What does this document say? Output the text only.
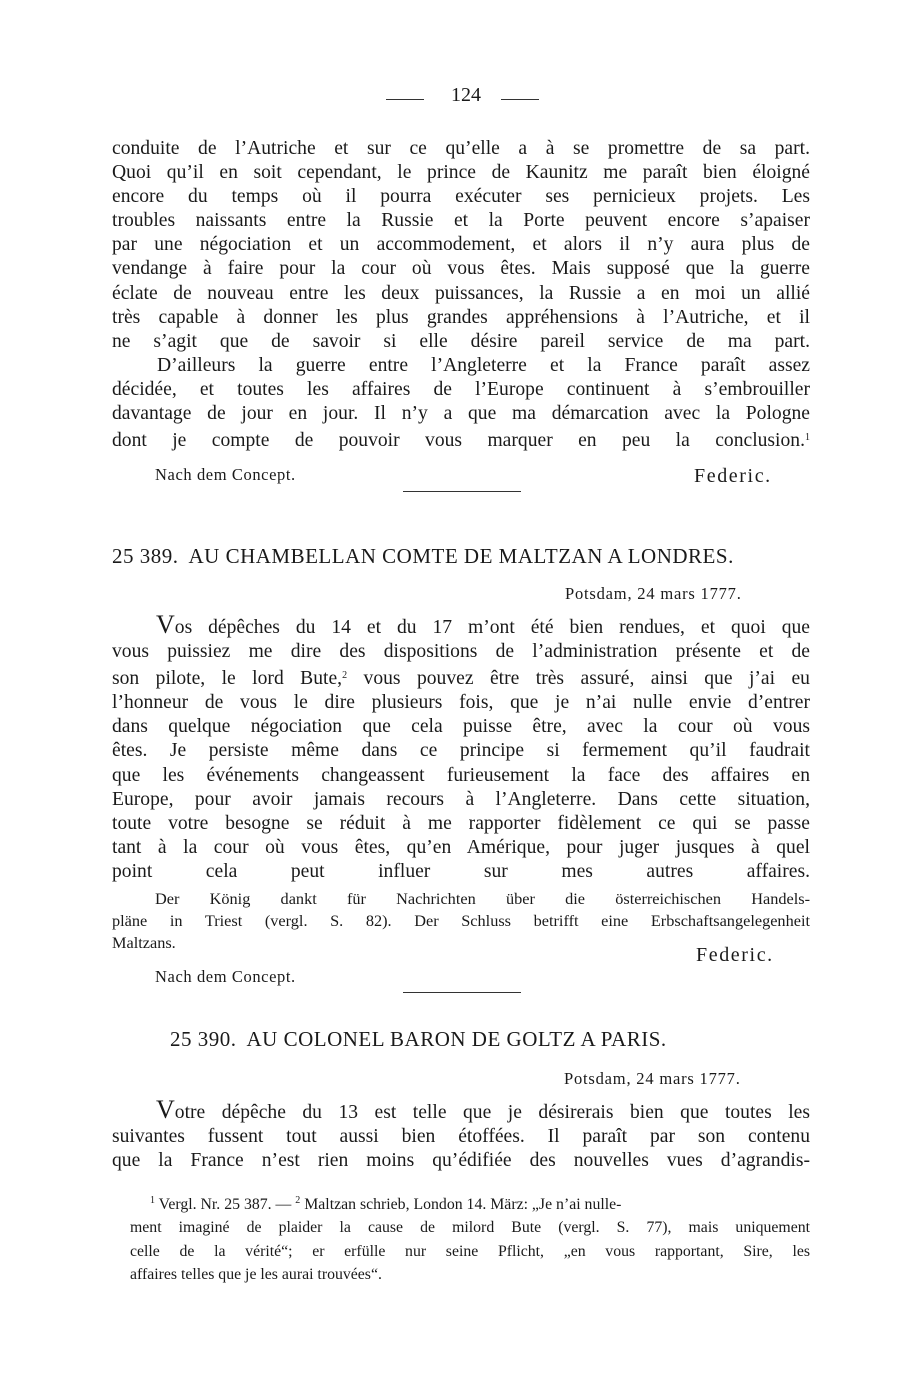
124
conduite de l’Autriche et sur ce qu’elle a à se promettre de sa part.
Quoi qu’il en soit cependant, le prince de Kaunitz me paraît bien éloigné
encore du temps où il pourra exécuter ses pernicieux projets. Les
troubles naissants entre la Russie et la Porte peuvent encore s’apaiser
par une négociation et un accommodement, et alors il n’y aura plus de
vendange à faire pour la cour où vous êtes. Mais supposé que la guerre
éclate de nouveau entre les deux puissances, la Russie a en moi un allié
très capable à donner les plus grandes appréhensions à l’Autriche, et il
ne s’agit que de savoir si elle désire pareil service de ma part.
D’ailleurs la guerre entre l’Angleterre et la France paraît assez
décidée, et toutes les affaires de l’Europe continuent à s’embrouiller
davantage de jour en jour. Il n’y a que ma démarcation avec la Pologne
dont je compte de pouvoir vous marquer en peu la conclusion.$^1$
Nach dem Concept.	Federic.
25 389. AU CHAMBELLAN COMTE DE MALTZAN A LONDRES.
Potsdam, 24 mars 1777.
Vos dépêches du 14 et du 17 m’ont été bien rendues, et quoi que
vous puissiez me dire des dispositions de l’administration présente et de
son pilote, le lord Bute,$^2$ vous pouvez être très assuré, ainsi que j’ai eu
l’honneur de vous le dire plusieurs fois, que je n’ai nulle envie d’entrer
dans quelque négociation que cela puisse être, avec la cour où vous
êtes. Je persiste même dans ce principe si fermement qu’il faudrait
que les événements changeassent furieusement la face des affaires en
Europe, pour avoir jamais recours à l’Angleterre. Dans cette situation,
toute votre besogne se réduit à me rapporter fidèlement ce qui se passe
tant à la cour où vous êtes, qu’en Amérique, pour juger jusques à quel
point cela peut influer sur mes autres affaires.
Der König dankt für Nachrichten über die österreichischen Handels-
pläne in Triest (vergl. S. 82). Der Schluss betrifft eine Erbschaftsangelegenheit
Maltzans.
Federic.
Nach dem Concept.
25 390. AU COLONEL BARON DE GOLTZ A PARIS.
Potsdam, 24 mars 1777.
Votre dépêche du 13 est telle que je désirerais bien que toutes les
suivantes fussent tout aussi bien étoffées. Il paraît par son contenu
que la France n’est rien moins qu’édifiée des nouvelles vues d’agrandis-
$^1$ Vergl. Nr. 25 387. — $^2$ Maltzan schrieb, London 14. März: „Je n’ai nulle-
ment imaginé de plaider la cause de milord Bute (vergl. S. 77), mais uniquement
celle de la vérité“; er erfülle nur seine Pflicht, „en vous rapportant, Sire, les
affaires telles que je les aurai trouvées“.
